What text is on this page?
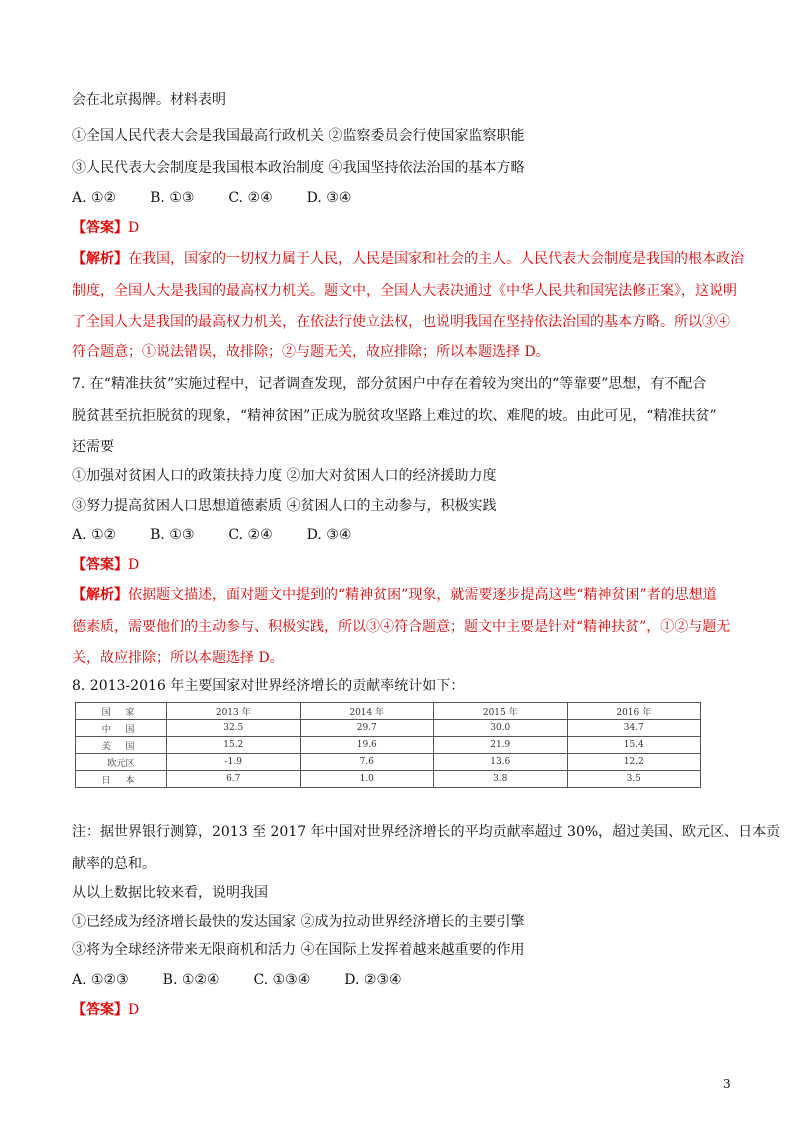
会在北京揭牌。材料表明
①全国人民代表大会是我国最高行政机关 ②监察委员会行使国家监察职能
③人民代表大会制度是我国根本政治制度 ④我国坚持依法治国的基本方略
A. ①② B. ①③ C. ②④ D. ③④
【答案】D
【解析】在我国，国家的一切权力属于人民，人民是国家和社会的主人。人民代表大会制度是我国的根本政治
制度，全国人大是我国的最高权力机关。题文中，全国人大表决通过《中华人民共和国宪法修正案》，这说明
了全国人大是我国的最高权力机关，在依法行使立法权，也说明我国在坚持依法治国的基本方略。所以③④
符合题意；①说法错误，故排除；②与题无关，故应排除；所以本题选择 D。
7. 在“精准扶贫”实施过程中，记者调查发现，部分贫困户中存在着较为突出的“等靠要”思想，有不配合
脱贫甚至抗拒脱贫的现象，“精神贫困”正成为脱贫攻坚路上难过的坎、难爬的坡。由此可见，“精准扶贫”
还需要
①加强对贫困人口的政策扶持力度 ②加大对贫困人口的经济援助力度
③努力提高贫困人口思想道德素质 ④贫困人口的主动参与，积极实践
A. ①② B. ①③ C. ②④ D. ③④
【答案】D
【解析】依据题文描述，面对题文中提到的“精神贫困”现象，就需要逐步提高这些“精神贫困”者的思想道
德素质，需要他们的主动参与、积极实践，所以③④符合题意；题文中主要是针对“精神扶贫”，①②与题无
关，故应排除；所以本题选择 D。
8. 2013-2016 年主要国家对世界经济增长的贡献率统计如下：
国 家	2013 年	2014 年	2015 年	2016 年
中 国	32.5	29.7	30.0	34.7
美 国	15.2	19.6	21.9	15.4
欧元区	-1.9	7.6	13.6	12.2
日 本	6.7	1.0	3.8	3.5
注：据世界银行测算，2013 至 2017 年中国对世界经济增长的平均贡献率超过 30%，超过美国、欧元区、日本贡
献率的总和。
从以上数据比较来看，说明我国
①已经成为经济增长最快的发达国家 ②成为拉动世界经济增长的主要引擎
③将为全球经济带来无限商机和活力 ④在国际上发挥着越来越重要的作用
A. ①②③ B. ①②④ C. ①③④ D. ②③④
【答案】D
3
